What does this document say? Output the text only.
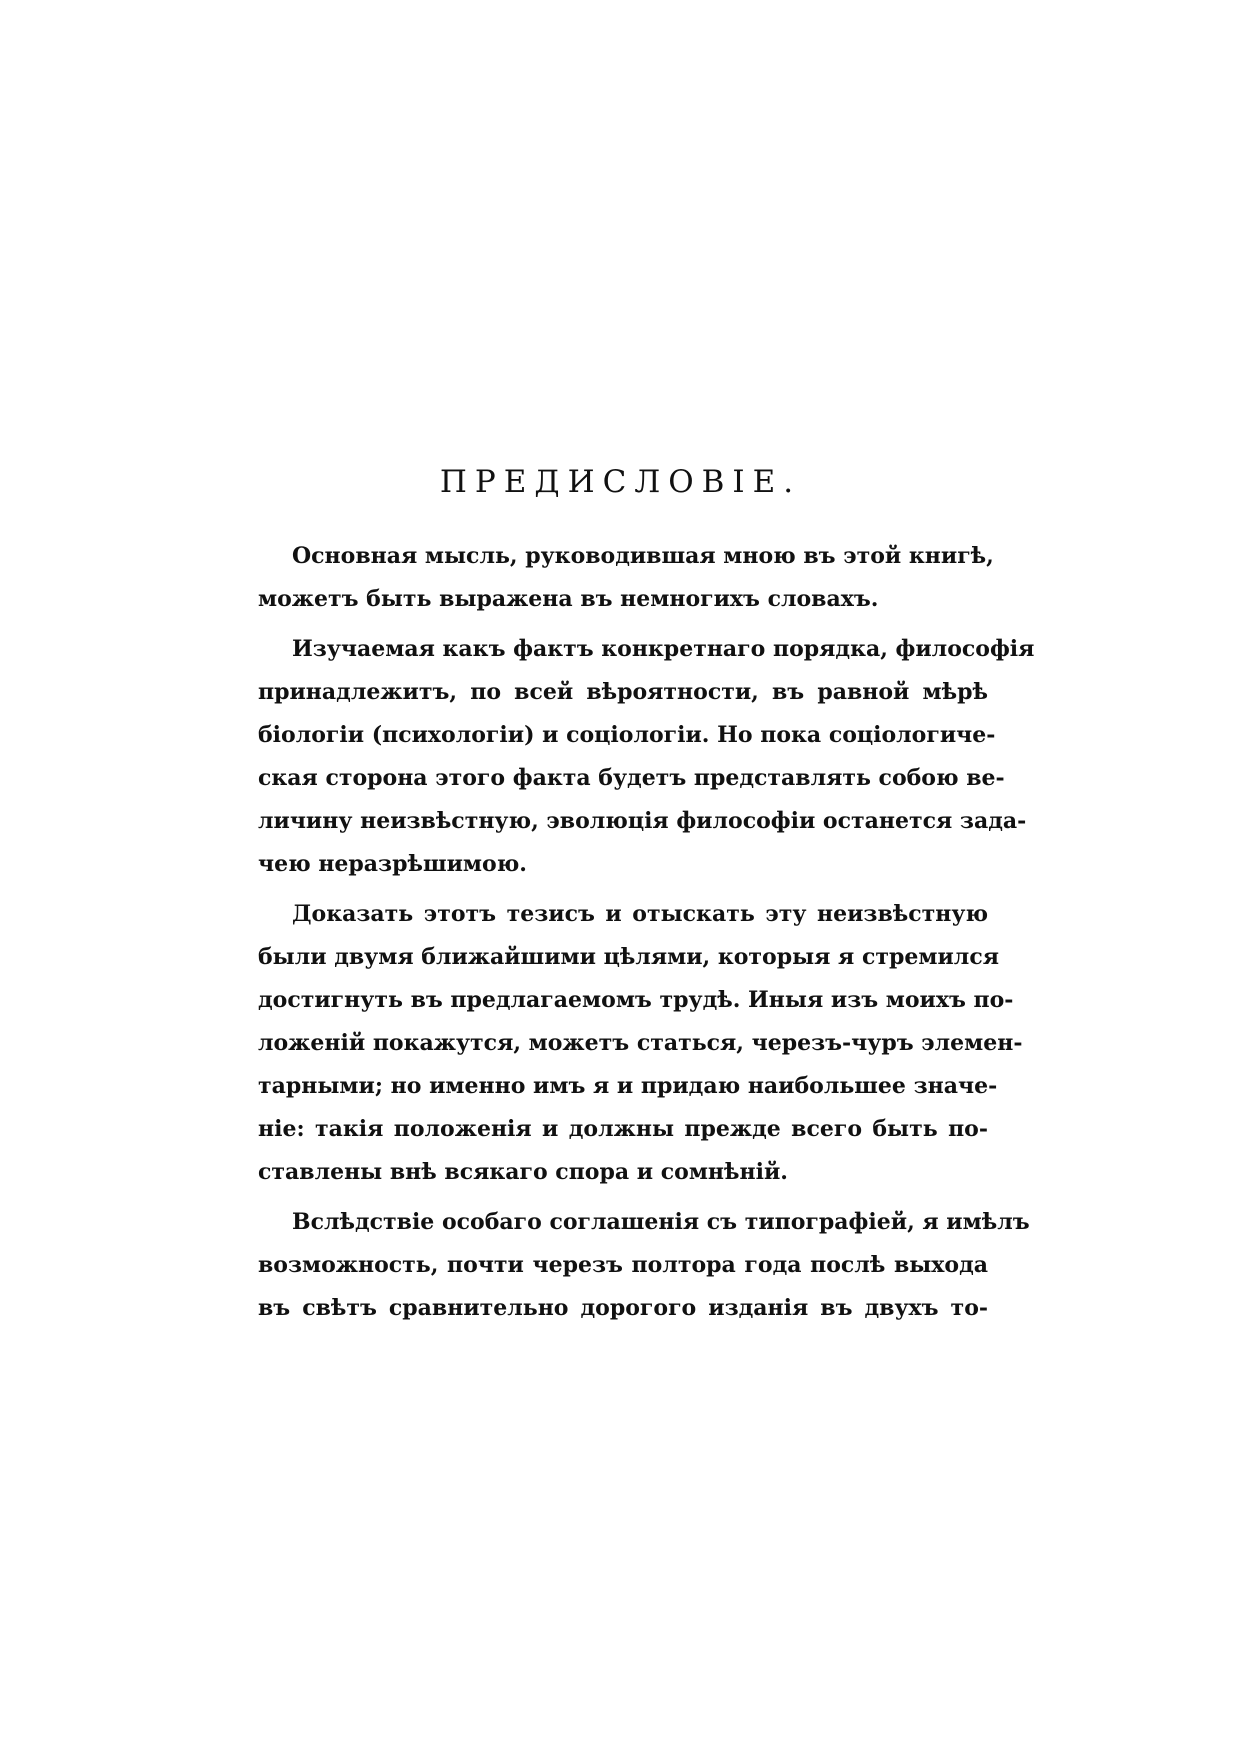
ПРЕДИСЛОВІЕ.
Основная мысль, руководившая мною въ этой книгѣ,
можетъ быть выражена въ немногихъ словахъ.
Изучаемая какъ фактъ конкретнаго порядка, философія
принадлежитъ, по всей вѣроятности, въ равной мѣрѣ
біологіи (психологіи) и соціологіи. Но пока соціологиче-
ская сторона этого факта будетъ представлять собою ве-
личину неизвѣстную, эволюція философіи останется зада-
чею неразрѣшимою.
Доказать этотъ тезисъ и отыскать эту неизвѣстную
были двумя ближайшими цѣлями, которыя я стремился
достигнуть въ предлагаемомъ трудѣ. Иныя изъ моихъ по-
ложеній покажутся, можетъ статься, черезъ-чуръ элемен-
тарными; но именно имъ я и придаю наибольшее значе-
ніе: такія положенія и должны прежде всего быть по-
ставлены внѣ всякаго спора и сомнѣній.
Вслѣдствіе особаго соглашенія съ типографіей, я имѣлъ
возможность, почти черезъ полтора года послѣ выхода
въ свѣтъ сравнительно дорогого изданія въ двухъ то-
